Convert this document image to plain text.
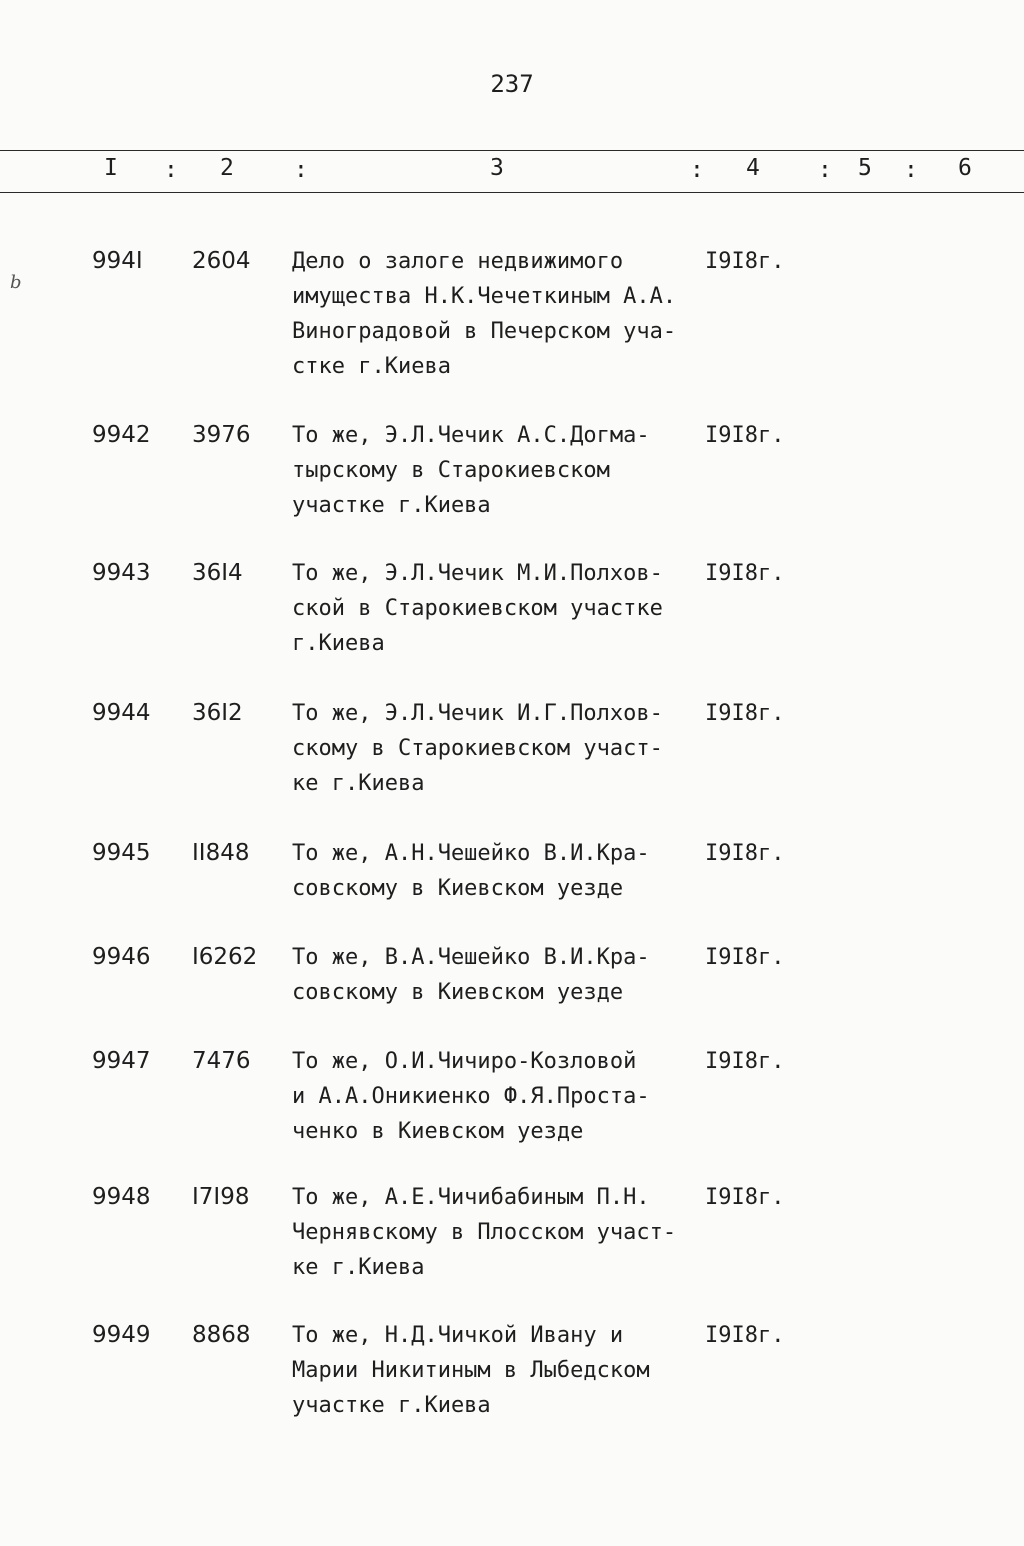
237
I : 2	:	3	: 4	: 5 : 6
b
994I 2604 Дело о залоге недвижимого
имущества Н.К.Чечеткиным А.А.
Виноградовой в Печерском уча-
стке г.Киева
I9I8г.
9942 3976 То же, Э.Л.Чечик А.С.Догма-
тырскому в Старокиевском
участке г.Киева
I9I8г.
9943 36I4 То же, Э.Л.Чечик М.И.Полхов-
ской в Старокиевском участке
г.Киева
I9I8г.
9944 36I2 То же, Э.Л.Чечик И.Г.Полхов-
скому в Старокиевском участ-
ке г.Киева
I9I8г.
9945 II848 То же, А.Н.Чешейко В.И.Кра-
совскому в Киевском уезде
I9I8г.
9946 I6262 То же, В.А.Чешейко В.И.Кра-
совскому в Киевском уезде
I9I8г.
9947 7476 То же, О.И.Чичиро-Козловой
и А.А.Оникиенко Ф.Я.Проста-
ченко в Киевском уезде
I9I8г.
9948 I7I98 То же, А.Е.Чичибабиным П.Н.
Чернявскому в Плосском участ-
ке г.Киева
I9I8г.
9949 8868 То же, Н.Д.Чичкой Ивану и
Марии Никитиным в Лыбедском
участке г.Киева
I9I8г.
